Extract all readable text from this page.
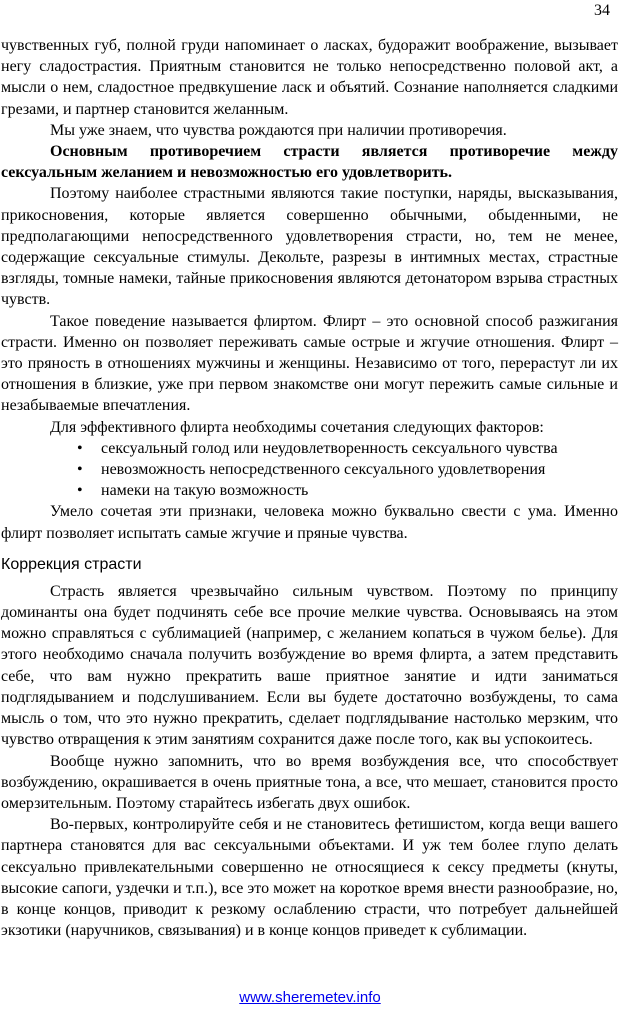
34

чувственных губ, полной груди напоминает о ласках, будоражит воображение, вызывает негу сладострастия. Приятным становится не только непосредственно половой акт, а мысли о нем, сладостное предвкушение ласк и объятий. Сознание наполняется сладкими грезами, и партнер становится желанным.

Мы уже знаем, что чувства рождаются при наличии противоречия.

Основным противоречием страсти является противоречие между сексуальным желанием и невозможностью его удовлетворить.

Поэтому наиболее страстными являются такие поступки, наряды, высказывания, прикосновения, которые является совершенно обычными, обыденными, не предполагающими непосредственного удовлетворения страсти, но, тем не менее, содержащие сексуальные стимулы. Декольте, разрезы в интимных местах, страстные взгляды, томные намеки, тайные прикосновения являются детонатором взрыва страстных чувств.

Такое поведение называется флиртом. Флирт – это основной способ разжигания страсти. Именно он позволяет переживать самые острые и жгучие отношения. Флирт – это пряность в отношениях мужчины и женщины. Независимо от того, перерастут ли их отношения в близкие, уже при первом знакомстве они могут пережить самые сильные и незабываемые впечатления.

Для эффективного флирта необходимы сочетания следующих факторов:

• сексуальный голод или неудовлетворенность сексуального чувства
• невозможность непосредственного сексуального удовлетворения
• намеки на такую возможность

Умело сочетая эти признаки, человека можно буквально свести с ума. Именно флирт позволяет испытать самые жгучие и пряные чувства.

Коррекция страсти

Страсть является чрезвычайно сильным чувством. Поэтому по принципу доминанты она будет подчинять себе все прочие мелкие чувства. Основываясь на этом можно справляться с сублимацией (например, с желанием копаться в чужом белье). Для этого необходимо сначала получить возбуждение во время флирта, а затем представить себе, что вам нужно прекратить ваше приятное занятие и идти заниматься подглядыванием и подслушиванием. Если вы будете достаточно возбуждены, то сама мысль о том, что это нужно прекратить, сделает подглядывание настолько мерзким, что чувство отвращения к этим занятиям сохранится даже после того, как вы успокоитесь.

Вообще нужно запомнить, что во время возбуждения все, что способствует возбуждению, окрашивается в очень приятные тона, а все, что мешает, становится просто омерзительным. Поэтому старайтесь избегать двух ошибок.

Во-первых, контролируйте себя и не становитесь фетишистом, когда вещи вашего партнера становятся для вас сексуальными объектами. И уж тем более глупо делать сексуально привлекательными совершенно не относящиеся к сексу предметы (кнуты, высокие сапоги, уздечки и т.п.), все это может на короткое время внести разнообразие, но, в конце концов, приводит к резкому ослаблению страсти, что потребует дальнейшей экзотики (наручников, связывания) и в конце концов приведет к сублимации.

www.sheremetev.info
